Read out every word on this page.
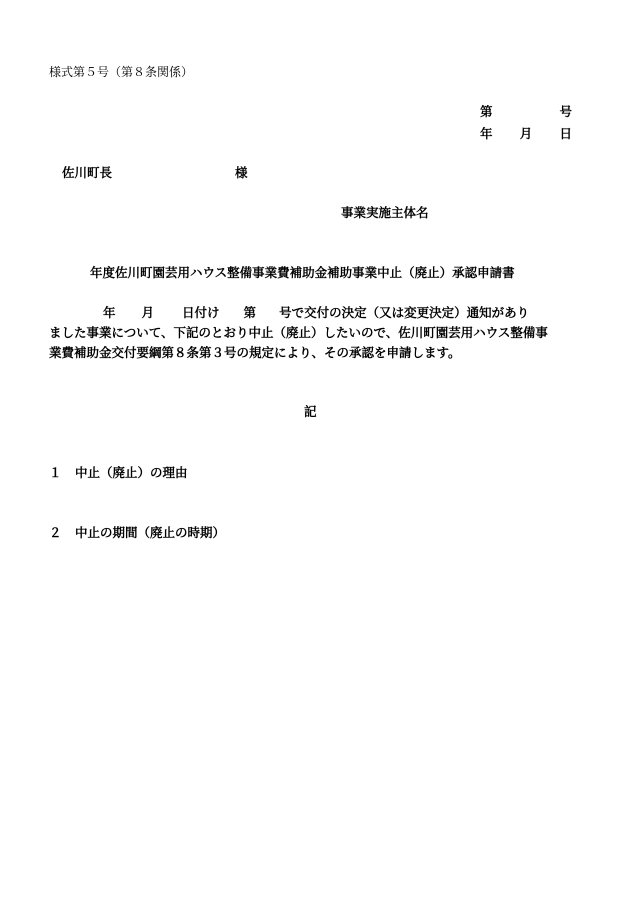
様式第５号（第８条関係）
第	号
年 月 日
佐川町長	様
事業実施主体名
年度佐川町園芸用ハウス整備事業費補助金補助事業中止（廃止）承認申請書
年 月 日付け 第 号で交付の決定（又は変更決定）通知があり
ました事業について、下記のとおり中止（廃止）したいので、佐川町園芸用ハウス整備事
業費補助金交付要綱第８条第３号の規定により、その承認を申請します。
記
１ 中止（廃止）の理由
２ 中止の期間（廃止の時期）
